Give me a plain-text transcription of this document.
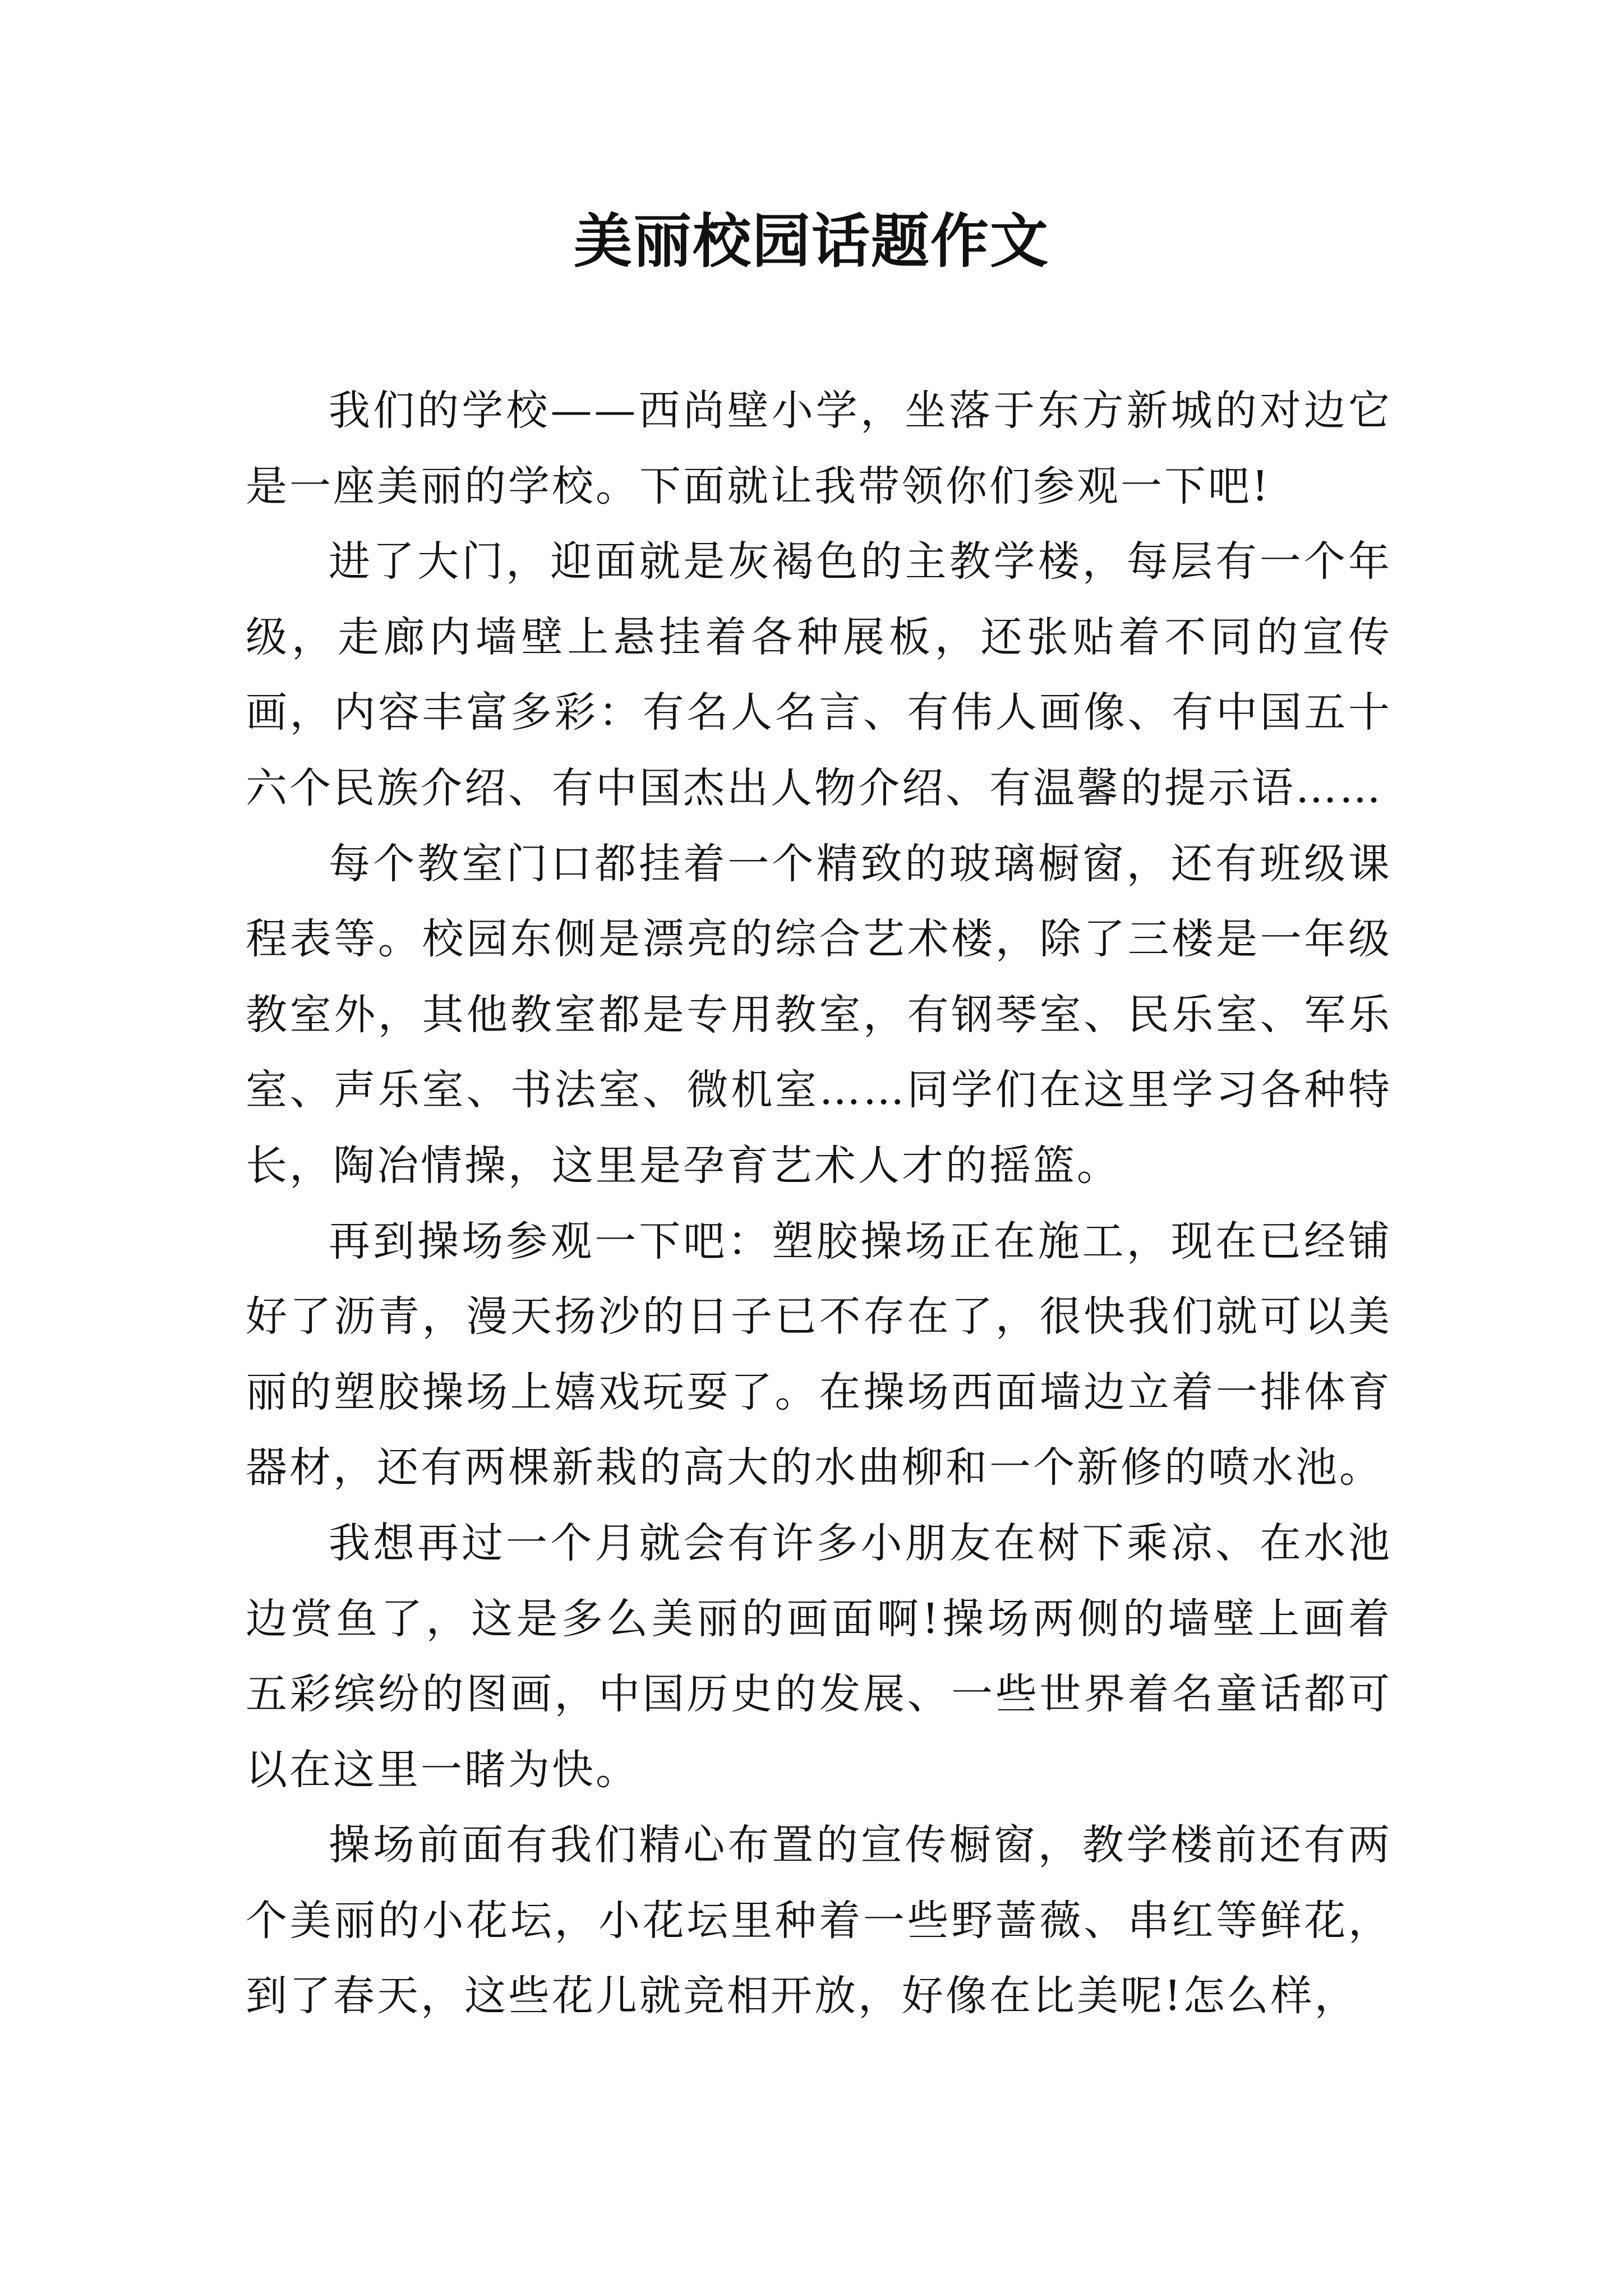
美丽校园话题作文

我们的学校——西尚壁小学，坐落于东方新城的对边它是一座美丽的学校。下面就让我带领你们参观一下吧!

进了大门，迎面就是灰褐色的主教学楼，每层有一个年级，走廊内墙壁上悬挂着各种展板，还张贴着不同的宣传画，内容丰富多彩：有名人名言、有伟人画像、有中国五十六个民族介绍、有中国杰出人物介绍、有温馨的提示语……

每个教室门口都挂着一个精致的玻璃橱窗，还有班级课程表等。校园东侧是漂亮的综合艺术楼，除了三楼是一年级教室外，其他教室都是专用教室，有钢琴室、民乐室、军乐室、声乐室、书法室、微机室……同学们在这里学习各种特长，陶冶情操，这里是孕育艺术人才的摇篮。

再到操场参观一下吧：塑胶操场正在施工，现在已经铺好了沥青，漫天扬沙的日子已不存在了，很快我们就可以美丽的塑胶操场上嬉戏玩耍了。在操场西面墙边立着一排体育器材，还有两棵新栽的高大的水曲柳和一个新修的喷水池。

我想再过一个月就会有许多小朋友在树下乘凉、在水池边赏鱼了，这是多么美丽的画面啊!操场两侧的墙壁上画着五彩缤纷的图画，中国历史的发展、一些世界着名童话都可以在这里一睹为快。

操场前面有我们精心布置的宣传橱窗，教学楼前还有两个美丽的小花坛，小花坛里种着一些野蔷薇、串红等鲜花，到了春天，这些花儿就竞相开放，好像在比美呢!怎么样，
